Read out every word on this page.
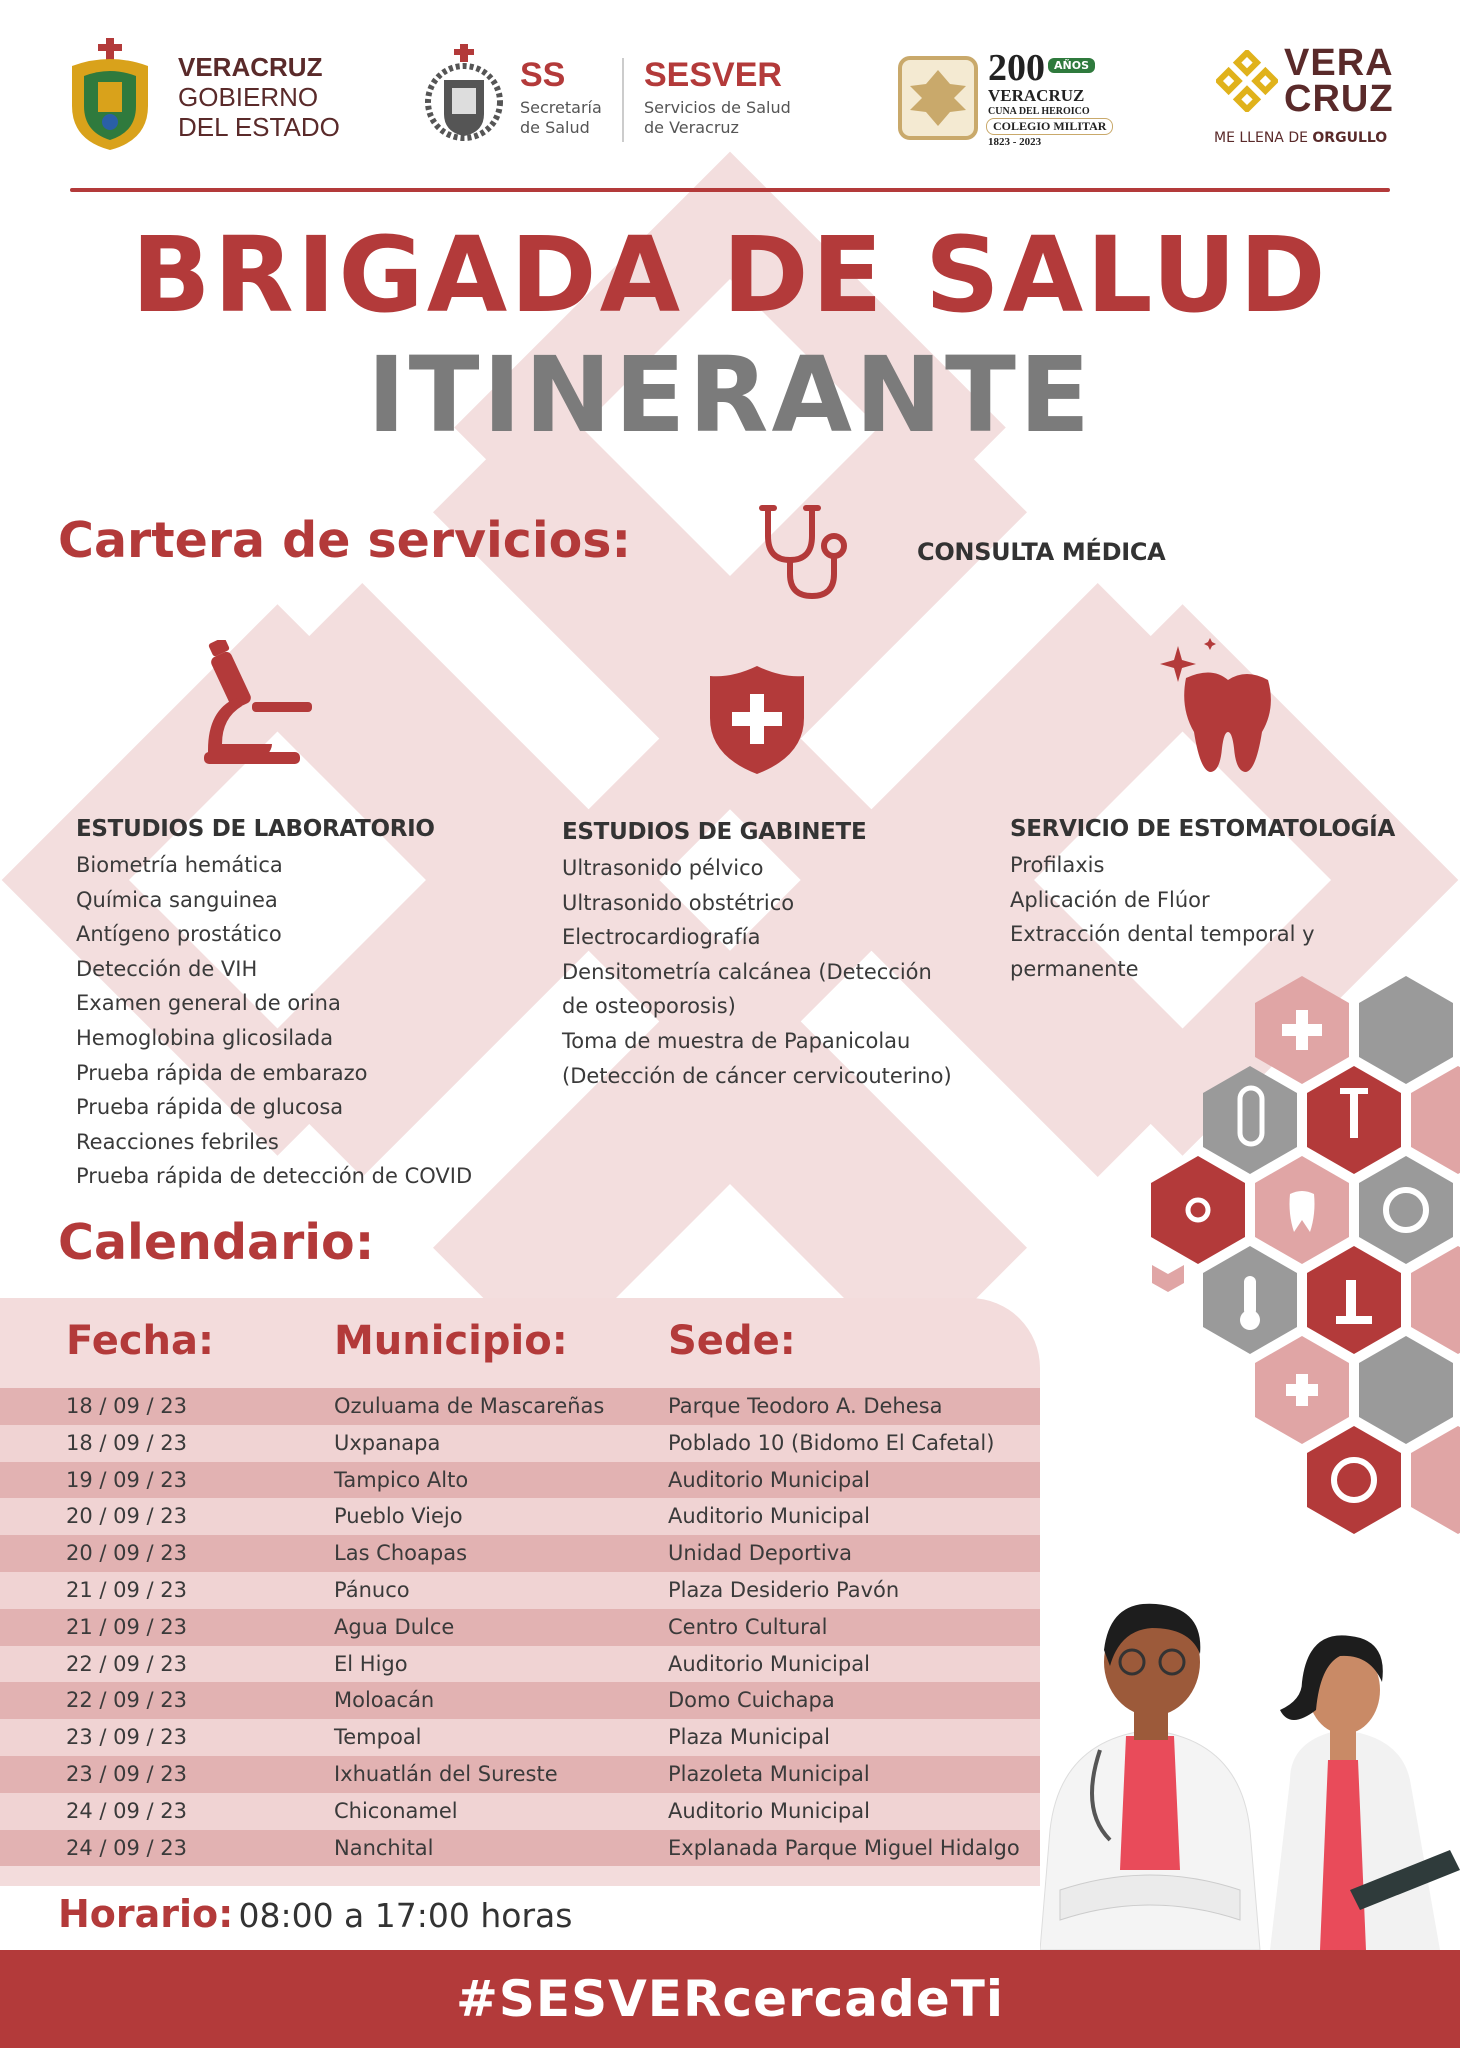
VERACRUZ
GOBIERNO
DEL ESTADO
SS
Secretaría
de Salud
SESVER
Servicios de Salud
de Veracruz
200 AÑOS
VERACRUZ
CUNA DEL HEROICO
COLEGIO MILITAR
1823 - 2023
VERA
CRUZ
ME LLENA DE ORGULLO
BRIGADA DE SALUD
ITINERANTE
Cartera de servicios:	CONSULTA MÉDICA
ESTUDIOS DE LABORATORIO
Biometría hemática
Química sanguinea
Antígeno prostático
Detección de VIH
Examen general de orina
Hemoglobina glicosilada
Prueba rápida de embarazo
Prueba rápida de glucosa
Reacciones febriles
Prueba rápida de detección de COVID
ESTUDIOS DE GABINETE
Ultrasonido pélvico
Ultrasonido obstétrico
Electrocardiografía
Densitometría calcánea (Detección
de osteoporosis)
Toma de muestra de Papanicolau
(Detección de cáncer cervicouterino)
SERVICIO DE ESTOMATOLOGÍA
Profilaxis
Aplicación de Flúor
Extracción dental temporal y
permanente
Calendario:
Fecha:	Municipio:	Sede:
18 / 09 / 23	Ozuluama de Mascareñas	Parque Teodoro A. Dehesa
18 / 09 / 23	Uxpanapa	Poblado 10 (Bidomo El Cafetal)
19 / 09 / 23	Tampico Alto	Auditorio Municipal
20 / 09 / 23	Pueblo Viejo	Auditorio Municipal
20 / 09 / 23	Las Choapas	Unidad Deportiva
21 / 09 / 23	Pánuco	Plaza Desiderio Pavón
21 / 09 / 23	Agua Dulce	Centro Cultural
22 / 09 / 23	El Higo	Auditorio Municipal
22 / 09 / 23	Moloacán	Domo Cuichapa
23 / 09 / 23	Tempoal	Plaza Municipal
23 / 09 / 23	Ixhuatlán del Sureste	Plazoleta Municipal
24 / 09 / 23	Chiconamel	Auditorio Municipal
24 / 09 / 23	Nanchital	Explanada Parque Miguel Hidalgo
Horario: 08:00 a 17:00 horas
#SESVERcercadeTi
